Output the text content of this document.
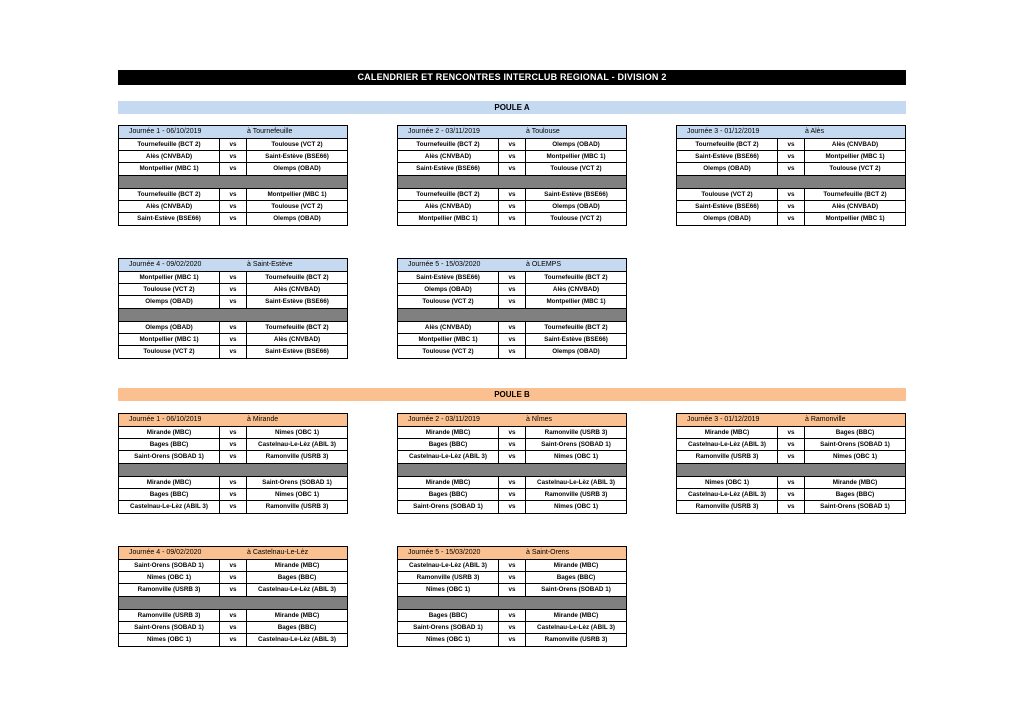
CALENDRIER ET RENCONTRES INTERCLUB REGIONAL - DIVISION 2
POULE A
POULE B
Journée 1 - 06/10/2019	à Tournefeuille
Tournefeuille (BCT 2)	vs	Toulouse (VCT 2)
Alès (CNVBAD)	vs	Saint-Estève (BSE66)
Montpellier (MBC 1)	vs	Olemps (OBAD)
Tournefeuille (BCT 2)	vs	Montpellier (MBC 1)
Alès (CNVBAD)	vs	Toulouse (VCT 2)
Saint-Estève (BSE66)	vs	Olemps (OBAD)
Journée 2 - 03/11/2019	à Toulouse
Tournefeuille (BCT 2)	vs	Olemps (OBAD)
Alès (CNVBAD)	vs	Montpellier (MBC 1)
Saint-Estève (BSE66)	vs	Toulouse (VCT 2)
Tournefeuille (BCT 2)	vs	Saint-Estève (BSE66)
Alès (CNVBAD)	vs	Olemps (OBAD)
Montpellier (MBC 1)	vs	Toulouse (VCT 2)
Journée 3 - 01/12/2019	à Alès
Tournefeuille (BCT 2)	vs	Alès (CNVBAD)
Saint-Estève (BSE66)	vs	Montpellier (MBC 1)
Olemps (OBAD)	vs	Toulouse (VCT 2)
Toulouse (VCT 2)	vs	Tournefeuille (BCT 2)
Saint-Estève (BSE66)	vs	Alès (CNVBAD)
Olemps (OBAD)	vs	Montpellier (MBC 1)
Journée 4 - 09/02/2020	à Saint-Estève
Montpellier (MBC 1)	vs	Tournefeuille (BCT 2)
Toulouse (VCT 2)	vs	Alès (CNVBAD)
Olemps (OBAD)	vs	Saint-Estève (BSE66)
Olemps (OBAD)	vs	Tournefeuille (BCT 2)
Montpellier (MBC 1)	vs	Alès (CNVBAD)
Toulouse (VCT 2)	vs	Saint-Estève (BSE66)
Journée 5 - 15/03/2020	à OLEMPS
Saint-Estève (BSE66)	vs	Tournefeuille (BCT 2)
Olemps (OBAD)	vs	Alès (CNVBAD)
Toulouse (VCT 2)	vs	Montpellier (MBC 1)
Alès (CNVBAD)	vs	Tournefeuille (BCT 2)
Montpellier (MBC 1)	vs	Saint-Estève (BSE66)
Toulouse (VCT 2)	vs	Olemps (OBAD)
Journée 1 - 06/10/2019	à Mirande
Mirande (MBC)	vs	Nîmes (OBC 1)
Bages (BBC)	vs	Castelnau-Le-Lèz (ABIL 3)
Saint-Orens (SOBAD 1)	vs	Ramonville (USRB 3)
Mirande (MBC)	vs	Saint-Orens (SOBAD 1)
Bages (BBC)	vs	Nîmes (OBC 1)
Castelnau-Le-Lèz (ABIL 3)	vs	Ramonville (USRB 3)
Journée 2 - 03/11/2019	à Nîmes
Mirande (MBC)	vs	Ramonville (USRB 3)
Bages (BBC)	vs	Saint-Orens (SOBAD 1)
Castelnau-Le-Lèz (ABIL 3)	vs	Nîmes (OBC 1)
Mirande (MBC)	vs	Castelnau-Le-Lèz (ABIL 3)
Bages (BBC)	vs	Ramonville (USRB 3)
Saint-Orens (SOBAD 1)	vs	Nîmes (OBC 1)
Journée 3 - 01/12/2019	à Ramonville
Mirande (MBC)	vs	Bages (BBC)
Castelnau-Le-Lèz (ABIL 3)	vs	Saint-Orens (SOBAD 1)
Ramonville (USRB 3)	vs	Nîmes (OBC 1)
Nîmes (OBC 1)	vs	Mirande (MBC)
Castelnau-Le-Lèz (ABIL 3)	vs	Bages (BBC)
Ramonville (USRB 3)	vs	Saint-Orens (SOBAD 1)
Journée 4 - 09/02/2020	à Castelnau-Le-Lèz
Saint-Orens (SOBAD 1)	vs	Mirande (MBC)
Nîmes (OBC 1)	vs	Bages (BBC)
Ramonville (USRB 3)	vs	Castelnau-Le-Lèz (ABIL 3)
Ramonville (USRB 3)	vs	Mirande (MBC)
Saint-Orens (SOBAD 1)	vs	Bages (BBC)
Nîmes (OBC 1)	vs	Castelnau-Le-Lèz (ABIL 3)
Journée 5 - 15/03/2020	à Saint-Orens
Castelnau-Le-Lèz (ABIL 3)	vs	Mirande (MBC)
Ramonville (USRB 3)	vs	Bages (BBC)
Nîmes (OBC 1)	vs	Saint-Orens (SOBAD 1)
Bages (BBC)	vs	Mirande (MBC)
Saint-Orens (SOBAD 1)	vs	Castelnau-Le-Lèz (ABIL 3)
Nîmes (OBC 1)	vs	Ramonville (USRB 3)
